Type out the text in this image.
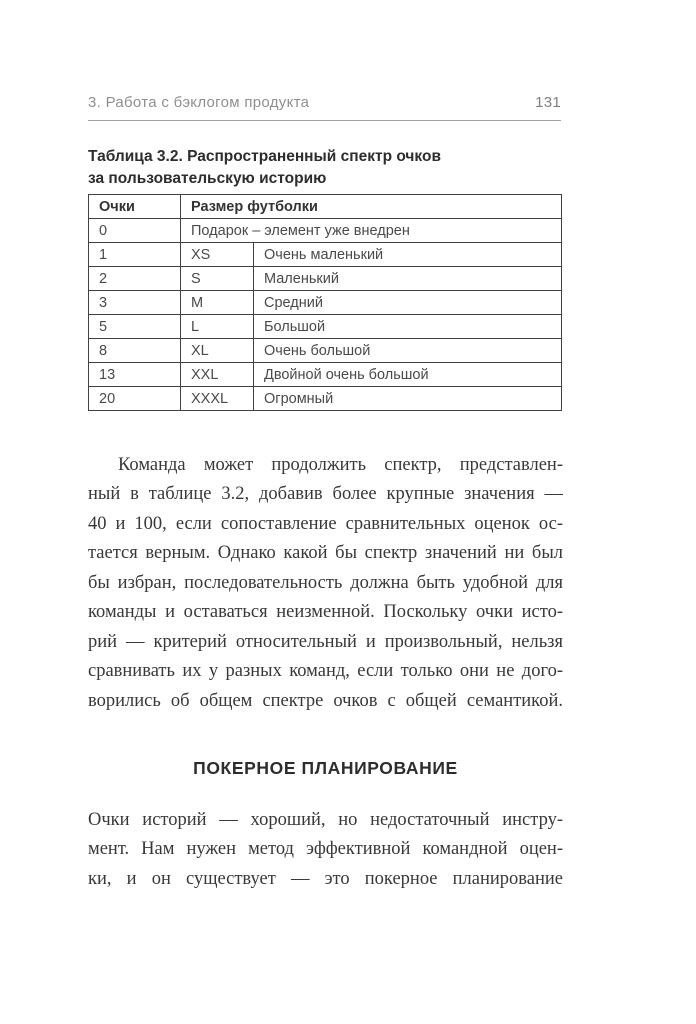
3. Работа с бэклогом продукта	131
Таблица 3.2. Распространенный спектр очков
за пользовательскую историю
Очки	Размер футболки	
0	Подарок – элемент уже внедрен	
1	XS	Очень маленький
2	S	Маленький
3	M	Средний
5	L	Большой
8	XL	Очень большой
13	XXL	Двойной очень большой
20	XXXL	Огромный
Команда может продолжить спектр, представлен-
ный в таблице 3.2, добавив более крупные значения —
40 и 100, если сопоставление сравнительных оценок ос-
тается верным. Однако какой бы спектр значений ни был
бы избран, последовательность должна быть удобной для
команды и оставаться неизменной. Поскольку очки исто-
рий — критерий относительный и произвольный, нельзя
сравнивать их у разных команд, если только они не дого-
ворились об общем спектре очков с общей семантикой.
ПОКЕРНОЕ ПЛАНИРОВАНИЕ
Очки историй — хороший, но недостаточный инстру-
мент. Нам нужен метод эффективной командной оцен-
ки, и он существует — это покерное планирование
